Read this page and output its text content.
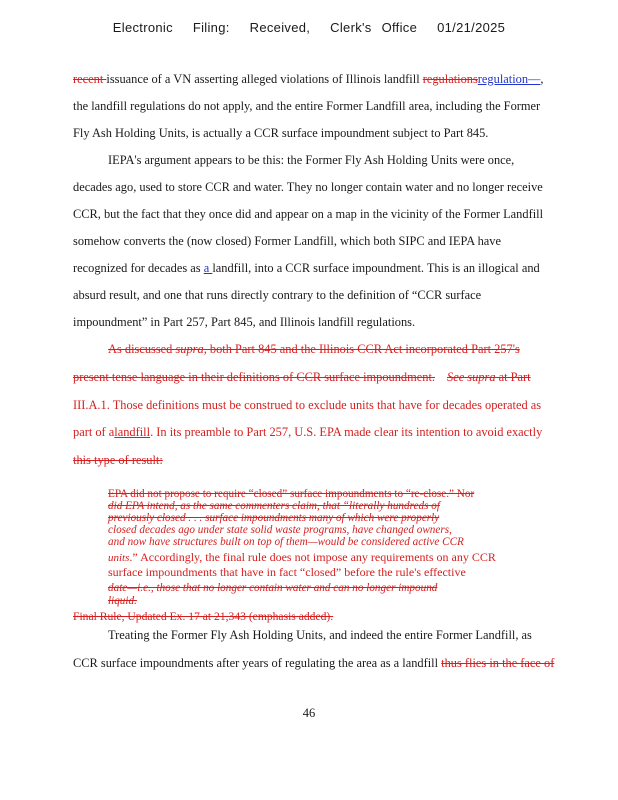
Electronic Filing: Received, Clerk's Office 01/21/2025
recent issuance of a VN asserting alleged violations of Illinois landfill regulationsregulation—,
the landfill regulations do not apply, and the entire Former Landfill area, including the Former
Fly Ash Holding Units, is actually a CCR surface impoundment subject to Part 845.
IEPA's argument appears to be this: the Former Fly Ash Holding Units were once,
decades ago, used to store CCR and water. They no longer contain water and no longer receive
CCR, but the fact that they once did and appear on a map in the vicinity of the Former Landfill
somehow converts the (now closed) Former Landfill, which both SIPC and IEPA have
recognized for decades as a landfill, into a CCR surface impoundment. This is an illogical and
absurd result, and one that runs directly contrary to the definition of “CCR surface
impoundment” in Part 257, Part 845, and Illinois landfill regulations.
As discussed supra, both Part 845 and the Illinois CCR Act incorporated Part 257's
present tense language in their definitions of CCR surface impoundment. See supra at Part
III.A.1. Those definitions must be construed to exclude units that have for decades operated as
part of alandfill. In its preamble to Part 257, U.S. EPA made clear its intention to avoid exactly
this type of result:
EPA did not propose to require “closed” surface impoundments to “re-close.” Nor
did EPA intend, as the same commenters claim, that “literally hundreds of
previously closed . . . surface impoundments many of which were properly
closed decades ago under state solid waste programs, have changed owners,
and now have structures built on top of them—would be considered active CCR
units.” Accordingly, the final rule does not impose any requirements on any CCR
surface impoundments that have in fact “closed” before the rule's effective
date—i.e., those that no longer contain water and can no longer impound
liquid.
Final Rule, Updated Ex. 17 at 21,343 (emphasis added).
Treating the Former Fly Ash Holding Units, and indeed the entire Former Landfill, as
CCR surface impoundments after years of regulating the area as a landfill thus flies in the face of
46
